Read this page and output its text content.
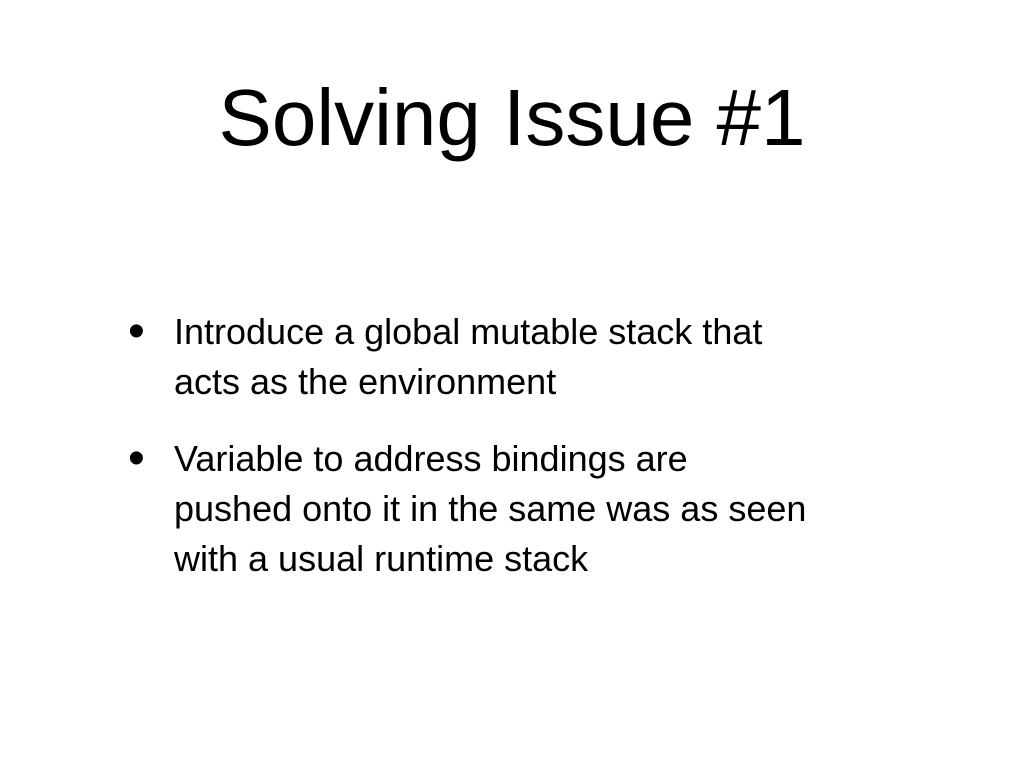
Solving Issue #1
• Introduce a global mutable stack that
acts as the environment
• Variable to address bindings are
pushed onto it in the same was as seen
with a usual runtime stack
